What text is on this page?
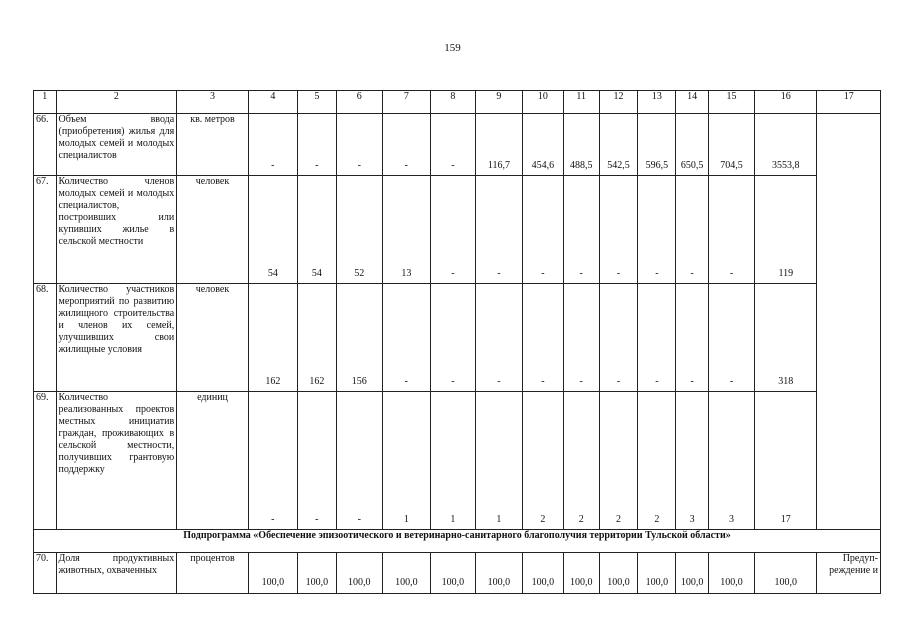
159
1	2	3	4	5	6	7	8	9	10	11	12	13	14	15	16	17
66.	Объем ввода (приобретения) жилья для молодых семей и молодых специалистов	кв. метров	-	-	-	-	-	116,7	454,6	488,5	542,5	596,5	650,5	704,5	3553,8	
67.	Количество членов молодых семей и молодых специалистов, построивших или купивших жилье в сельской местности	человек	54	54	52	13	-	-	-	-	-	-	-	-	119	
68.	Количество участников мероприятий по развитию жилищного строительства и членов их семей, улучшивших свои жилищные условия	человек	162	162	156	-	-	-	-	-	-	-	-	-	318	
69.	Количество реализованных проектов местных инициатив граждан, проживающих в сельской местности, получивших грантовую поддержку	единиц	-	-	-	1	1	1	2	2	2	2	3	3	17	
Подпрограмма «Обеспечение эпизоотического и ветеринарно-санитарного благополучия территории Тульской области»																
70.	Доля продуктивных животных, охваченных	процентов	100,0	100,0	100,0	100,0	100,0	100,0	100,0	100,0	100,0	100,0	100,0	100,0	100,0	Предуп-реждение и
